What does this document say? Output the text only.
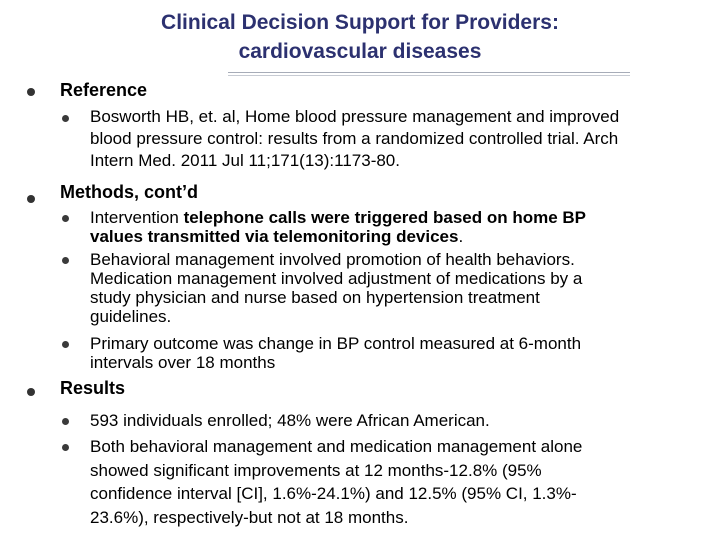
Clinical Decision Support for Providers:
cardiovascular diseases
Reference
Bosworth HB, et. al, Home blood pressure management and improved
blood pressure control: results from a randomized controlled trial. Arch
Intern Med. 2011 Jul 11;171(13):1173-80.
Methods, cont’d
Intervention telephone calls were triggered based on home BP
values transmitted via telemonitoring devices.
Behavioral management involved promotion of health behaviors.
Medication management involved adjustment of medications by a
study physician and nurse based on hypertension treatment
guidelines.
Primary outcome was change in BP control measured at 6-month
intervals over 18 months
Results
593 individuals enrolled; 48% were African American.
Both behavioral management and medication management alone
showed significant improvements at 12 months-12.8% (95%
confidence interval [CI], 1.6%-24.1%) and 12.5% (95% CI, 1.3%-
23.6%), respectively-but not at 18 months.
